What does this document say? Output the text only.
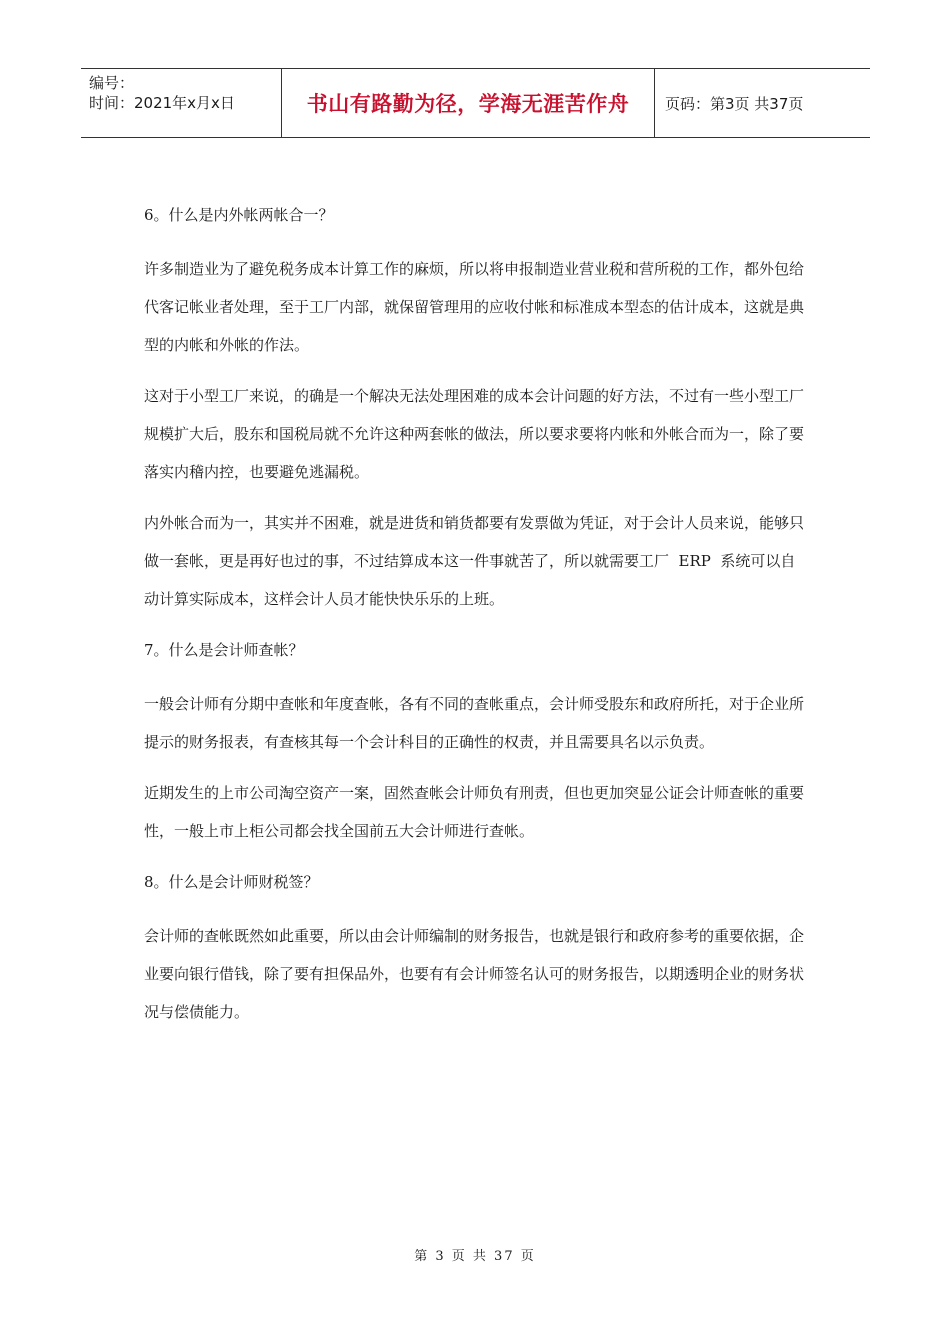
编号：
时间：2021年x月x日	书山有路勤为径，学海无涯苦作舟	页码：第3页 共37页
6。什么是内外帐两帐合一？
许多制造业为了避免税务成本计算工作的麻烦，所以将申报制造业营业税和营所税的工作，都外包给代客记帐业者处理，至于工厂内部，就保留管理用的应收付帐和标准成本型态的估计成本，这就是典型的内帐和外帐的作法。
这对于小型工厂来说，的确是一个解决无法处理困难的成本会计问题的好方法，不过有一些小型工厂规模扩大后，股东和国税局就不允许这种两套帐的做法，所以要求要将内帐和外帐合而为一，除了要落实内稽内控，也要避免逃漏税。
内外帐合而为一，其实并不困难，就是进货和销货都要有发票做为凭证，对于会计人员来说，能够只做一套帐，更是再好也过的事，不过结算成本这一件事就苦了，所以就需要工厂  ERP  系统可以自动计算实际成本，这样会计人员才能快快乐乐的上班。
7。什么是会计师查帐？
一般会计师有分期中查帐和年度查帐，各有不同的查帐重点，会计师受股东和政府所托，对于企业所提示的财务报表，有查核其每一个会计科目的正确性的权责，并且需要具名以示负责。
近期发生的上市公司淘空资产一案，固然查帐会计师负有刑责，但也更加突显公证会计师查帐的重要性，一般上市上柜公司都会找全国前五大会计师进行查帐。
8。什么是会计师财税签？
会计师的查帐既然如此重要，所以由会计师编制的财务报告，也就是银行和政府参考的重要依据，企业要向银行借钱，除了要有担保品外，也要有有会计师签名认可的财务报告，以期透明企业的财务状况与偿债能力。
第 3 页 共 37 页
